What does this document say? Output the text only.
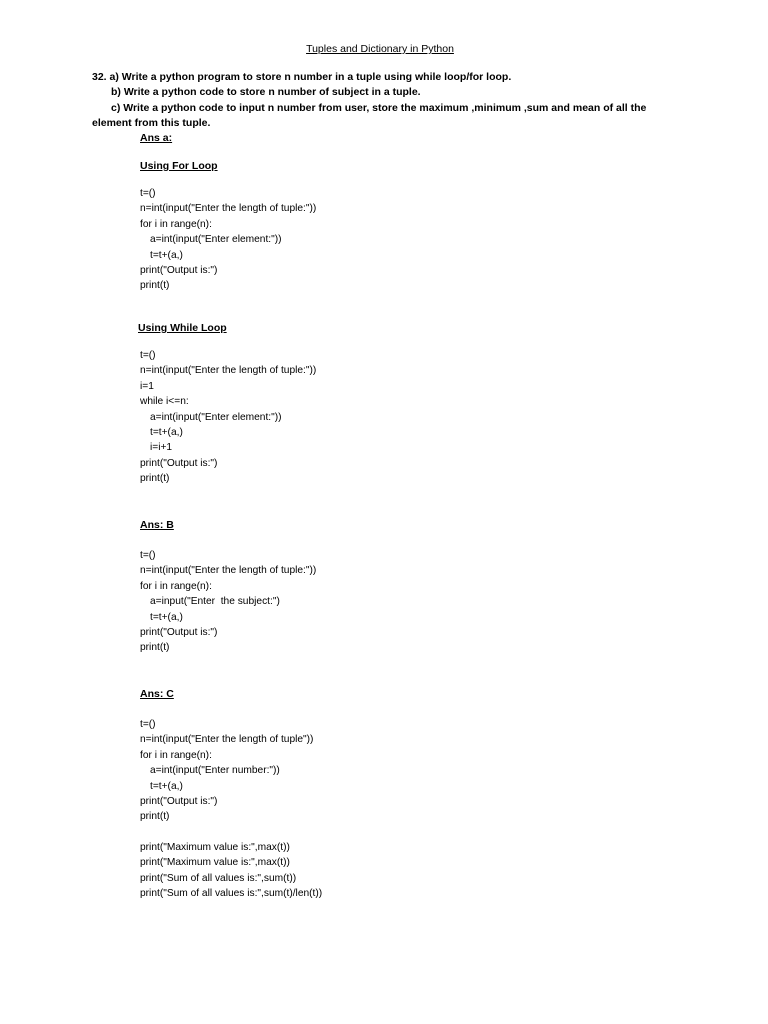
Tuples and Dictionary in Python
32. a) Write a python program to store n number in a tuple using while loop/for loop.
b) Write a python code to store n number of subject in a tuple.
c) Write a python code to input n number from user, store the maximum ,minimum ,sum and mean of all the
element from this tuple.
Ans a:
Using For Loop
t=()
n=int(input("Enter the length of tuple:"))
for i in range(n):
a=int(input("Enter element:"))
t=t+(a,)
print("Output is:")
print(t)
Using While Loop
t=()
n=int(input("Enter the length of tuple:"))
i=1
while i<=n:
a=int(input("Enter element:"))
t=t+(a,)
i=i+1
print("Output is:")
print(t)
Ans: B
t=()
n=int(input("Enter the length of tuple:"))
for i in range(n):
a=input("Enter  the subject:")
t=t+(a,)
print("Output is:")
print(t)
Ans: C
t=()
n=int(input("Enter the length of tuple"))
for i in range(n):
a=int(input("Enter number:"))
t=t+(a,)
print("Output is:")
print(t)
print("Maximum value is:",max(t))
print("Maximum value is:",max(t))
print("Sum of all values is:",sum(t))
print("Sum of all values is:",sum(t)/len(t))
